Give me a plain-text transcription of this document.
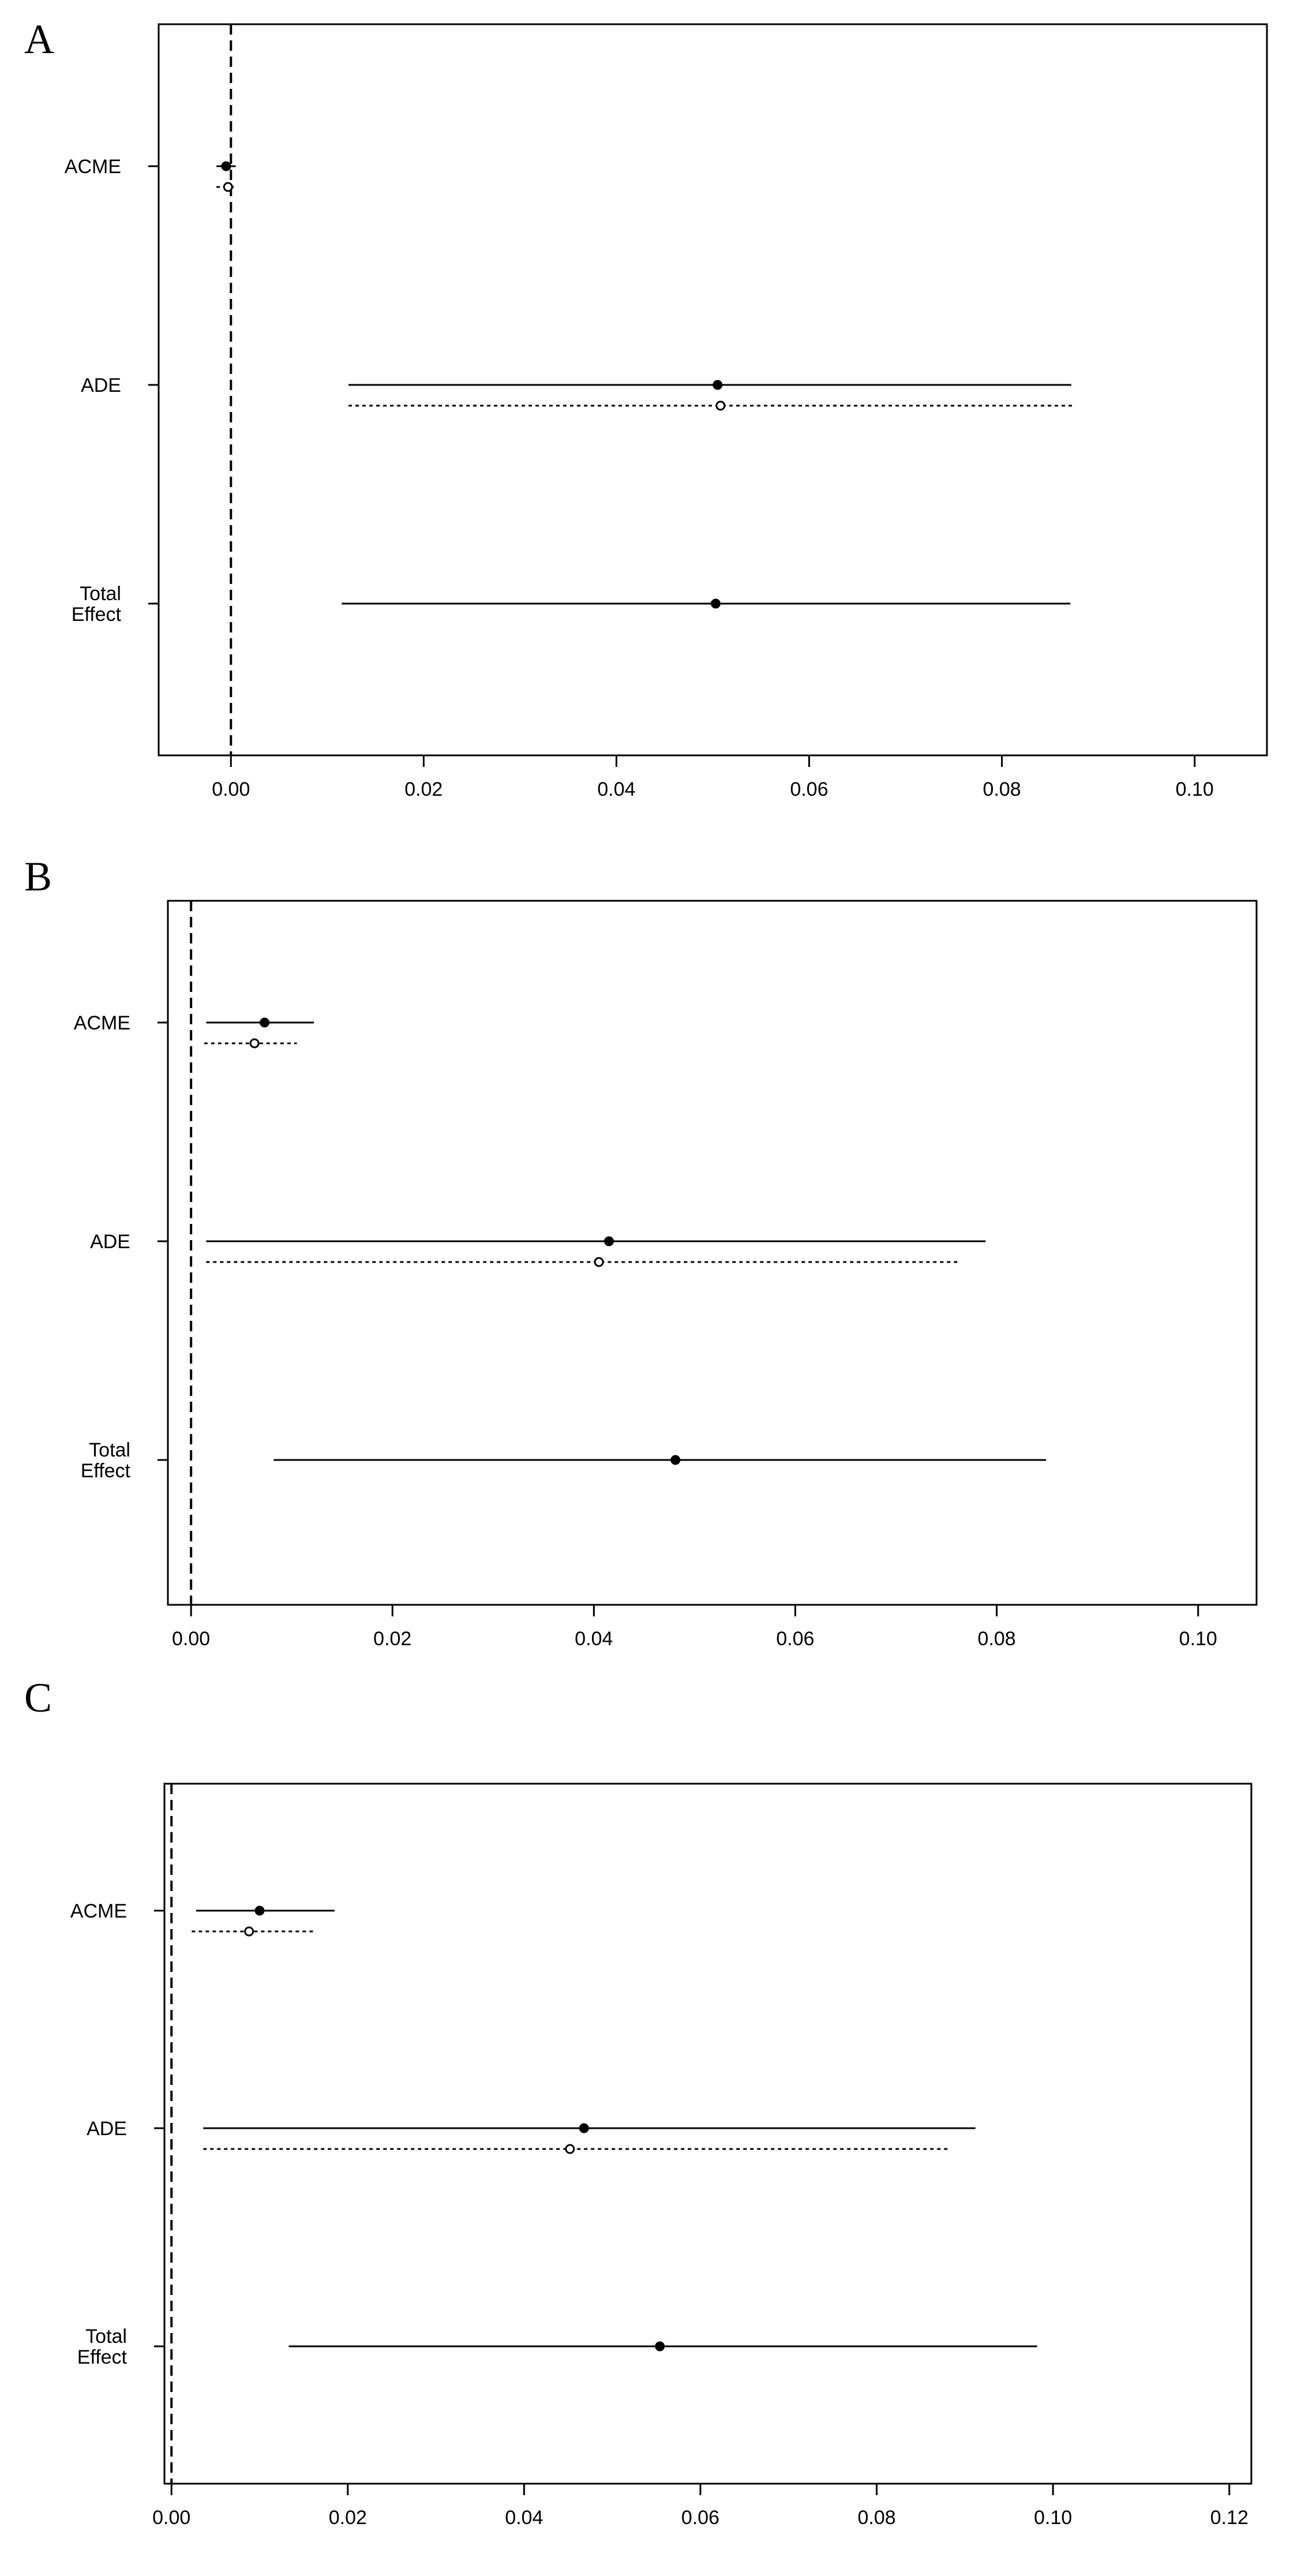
A
0.00	0.02	0.04	0.06	0.08	0.10
ACME
ADE
Total Effect
B
0.00	0.02	0.04	0.06	0.08	0.10
ACME
ADE
Total Effect
C
0.00	0.02	0.04	0.06	0.08	0.10	0.12
ACME
ADE
Total Effect
